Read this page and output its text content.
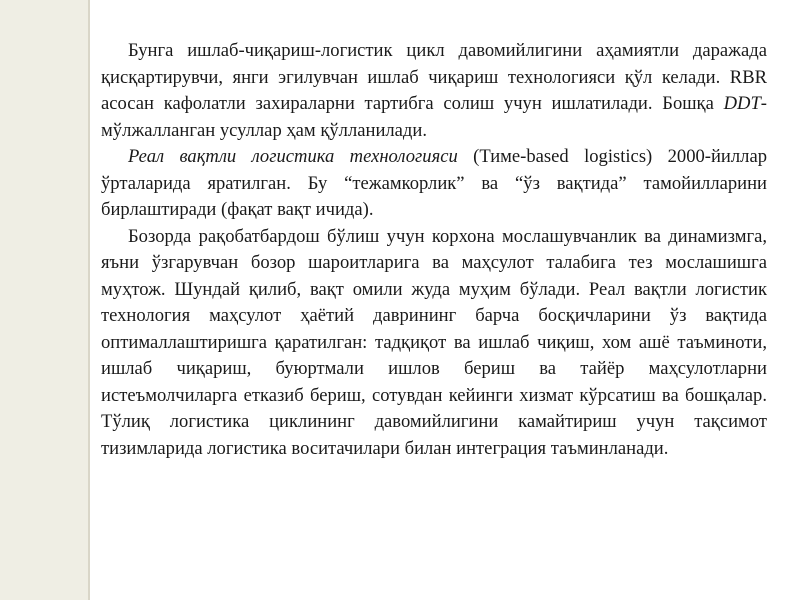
Бунга ишлаб-чиқариш-логистик цикл давомийлигини аҳамиятли даражада қисқартирувчи, янги эгилувчан ишлаб чиқариш технологияси қўл келади. RBR асосан кафолатли захираларни тартибга солиш учун ишлатилади. Бошқа DDT-мўлжалланган усуллар ҳам қўлланилади.

Реал вақтли логистика технологияси (Тиме-based logistics) 2000-йиллар ўрталарида яратилган. Бу “тежамкорлик” ва “ўз вақтида” тамойилларини бирлаштиради (фақат вақт ичида).

Бозорда рақобатбардош бўлиш учун корхона мослашувчанлик ва динамизмга, яъни ўзгарувчан бозор шароитларига ва маҳсулот талабига тез мослашишга муҳтож. Шундай қилиб, вақт омили жуда муҳим бўлади. Реал вақтли логистик технология маҳсулот ҳаётий даврининг барча босқичларини ўз вақтида оптималлаштиришга қаратилган: тадқиқот ва ишлаб чиқиш, хом ашё таъминоти, ишлаб чиқариш, буюртмали ишлов бериш ва тайёр маҳсулотларни истеъмолчиларга етказиб бериш, сотувдан кейинги хизмат кўрсатиш ва бошқалар. Тўлиқ логистика циклининг давомийлигини камайтириш учун тақсимот тизимларида логистика воситачилари билан интеграция таъминланади.
